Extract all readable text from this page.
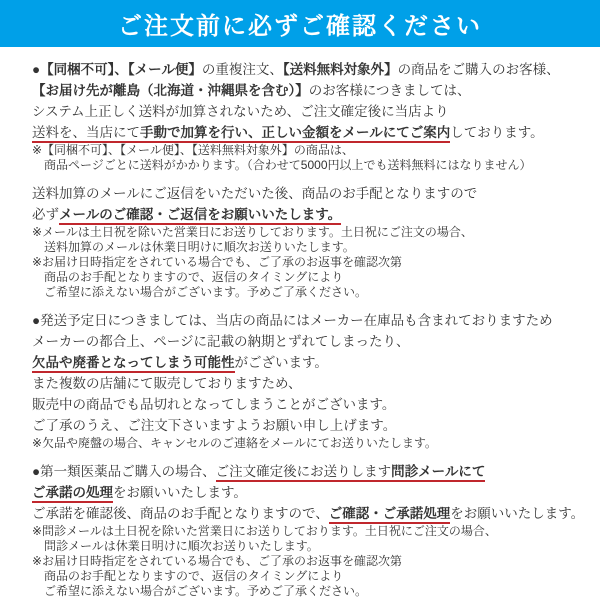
ご注文前に必ずご確認ください
●【同梱不可】、【メール便】の重複注文、【送料無料対象外】の商品をご購入のお客様、
【お届け先が離島（北海道・沖縄県を含む）】のお客様につきましては、
システム上正しく送料が加算されないため、ご注文確定後に当店より
送料を、当店にて手動で加算を行い、正しい金額をメールにてご案内しております。
※【同梱不可】、【メール便】、【送料無料対象外】の商品は、
商品ページごとに送料がかかります。（合わせて5000円以上でも送料無料にはなりません）
送料加算のメールにご返信をいただいた後、商品のお手配となりますので
必ずメールのご確認・ご返信をお願いいたします。
※メールは土日祝を除いた営業日にお送りしております。土日祝にご注文の場合、
送料加算のメールは休業日明けに順次お送りいたします。
※お届け日時指定をされている場合でも、ご了承のお返事を確認次第
商品のお手配となりますので、返信のタイミングにより
ご希望に添えない場合がございます。予めご了承ください。
●発送予定日につきましては、当店の商品にはメーカー在庫品も含まれておりますため
メーカーの都合上、ページに記載の納期とずれてしまったり、
欠品や廃番となってしまう可能性がございます。
また複数の店舗にて販売しておりますため、
販売中の商品でも品切れとなってしまうことがございます。
ご了承のうえ、ご注文下さいますようお願い申し上げます。
※欠品や廃盤の場合、キャンセルのご連絡をメールにてお送りいたします。
●第一類医薬品ご購入の場合、ご注文確定後にお送りします問診メールにて
ご承諾の処理をお願いいたします。
ご承諾を確認後、商品のお手配となりますので、ご確認・ご承諾処理をお願いいたします。
※問診メールは土日祝を除いた営業日にお送りしております。土日祝にご注文の場合、
問診メールは休業日明けに順次お送りいたします。
※お届け日時指定をされている場合でも、ご了承のお返事を確認次第
商品のお手配となりますので、返信のタイミングにより
ご希望に添えない場合がございます。予めご了承ください。
